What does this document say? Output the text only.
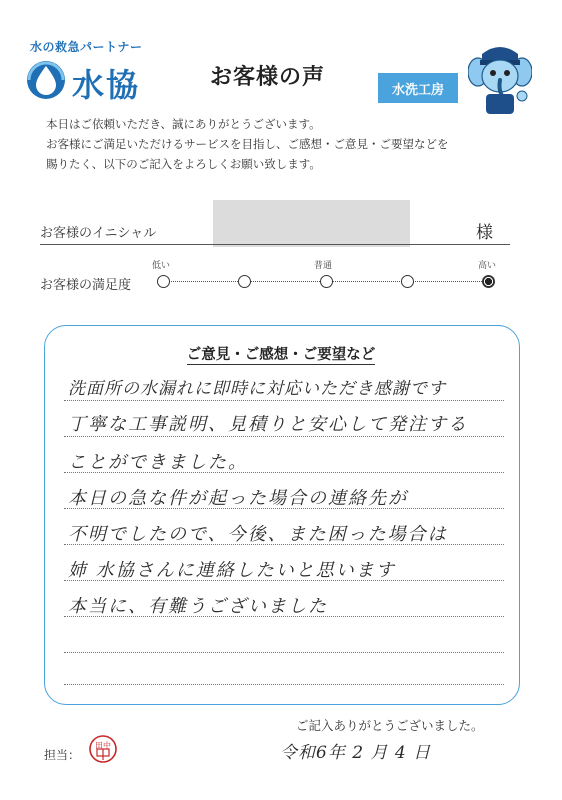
水の救急パートナー
水協	お客様の声	水洗工房
本日はご依頼いただき、誠にありがとうございます。
お客様にご満足いただけるサービスを目指し、ご感想・ご意見・ご要望などを
賜りたく、以下のご記入をよろしくお願い致します。
お客様のイニシャル	様
お客様の満足度
低い	普通	高い
ご意見・ご感想・ご要望など
洗面所の水漏れに即時に対応いただき感謝です
丁寧な工事説明、見積りと安心して発注する
ことができました。
本日の急な件が起った場合の連絡先が
不明でしたので、今後、また困った場合は
姉 水協さんに連絡したいと思います
本当に、有難うございました
ご記入ありがとうございました。
担当：
田中	令和6年 2 月 4 日
